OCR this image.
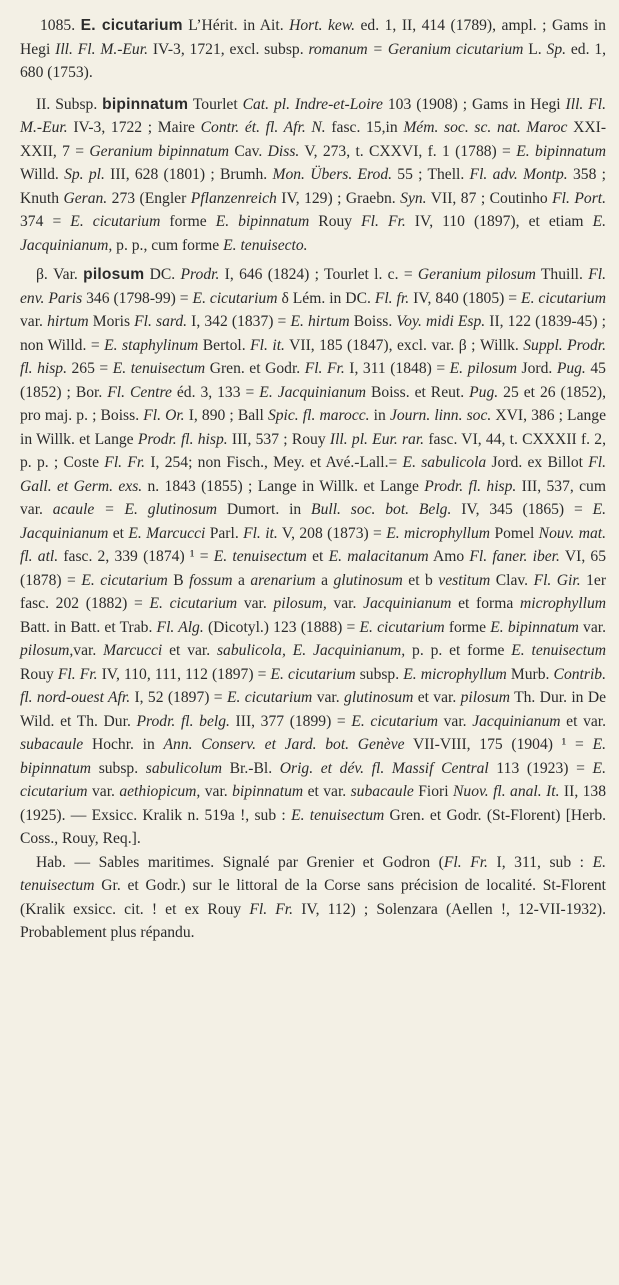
1085. E. cicutarium L’Hérit. in Ait. Hort. kew. ed. 1, II, 414 (1789), ampl. ; Gams in Hegi Ill. Fl. M.-Eur. IV-3, 1721, excl. subsp. romanum = Geranium cicutarium L. Sp. ed. 1, 680 (1753).

II. Subsp. bipinnatum Tourlet Cat. pl. Indre-et-Loire 103 (1908) ; Gams in Hegi Ill. Fl. M.-Eur. IV-3, 1722 ; Maire Contr. ét. fl. Afr. N. fasc. 15,in Mém. soc. sc. nat. Maroc XXI-XXII, 7 = Geranium bipinnatum Cav. Diss. V, 273, t. CXXVI, f. 1 (1788) = E. bipinnatum Willd. Sp. pl. III, 628 (1801) ; Brumh. Mon. Übers. Erod. 55 ; Thell. Fl. adv. Montp. 358 ; Knuth Geran. 273 (Engler Pflanzenreich IV, 129) ; Graebn. Syn. VII, 87 ; Coutinho Fl. Port. 374 = E. cicutarium forme E. bipinnatum Rouy Fl. Fr. IV, 110 (1897), et etiam E. Jacquinianum, p. p., cum forme E. tenuisecto.

β. Var. pilosum DC. Prodr. I, 646 (1824) ; Tourlet l. c. = Geranium pilosum Thuill. Fl. env. Paris 346 (1798-99) = E. cicutarium δ Lém. in DC. Fl. fr. IV, 840 (1805) = E. cicutarium var. hirtum Moris Fl. sard. I, 342 (1837) = E. hirtum Boiss. Voy. midi Esp. II, 122 (1839-45) ; non Willd. = E. staphylinum Bertol. Fl. it. VII, 185 (1847), excl. var. β ; Willk. Suppl. Prodr. fl. hisp. 265 = E. tenuisectum Gren. et Godr. Fl. Fr. I, 311 (1848) = E. pilosum Jord. Pug. 45 (1852) ; Bor. Fl. Centre éd. 3, 133 = E. Jacquinianum Boiss. et Reut. Pug. 25 et 26 (1852), pro maj. p. ; Boiss. Fl. Or. I, 890 ; Ball Spic. fl. marocc. in Journ. linn. soc. XVI, 386 ; Lange in Willk. et Lange Prodr. fl. hisp. III, 537 ; Rouy Ill. pl. Eur. rar. fasc. VI, 44, t. CXXXII f. 2, p. p. ; Coste Fl. Fr. I, 254; non Fisch., Mey. et Avé.-Lall.= E. sabulicola Jord. ex Billot Fl. Gall. et Germ. exs. n. 1843 (1855) ; Lange in Willk. et Lange Prodr. fl. hisp. III, 537, cum var. acaule = E. glutinosum Dumort. in Bull. soc. bot. Belg. IV, 345 (1865) = E. Jacquinianum et E. Marcucci Parl. Fl. it. V, 208 (1873) = E. microphyllum Pomel Nouv. mat. fl. atl. fasc. 2, 339 (1874) ¹ = E. tenuisectum et E. malacitanum Amo Fl. faner. iber. VI, 65 (1878) = E. cicutarium B fossum a arenarium a glutinosum et b vestitum Clav. Fl. Gir. 1er fasc. 202 (1882) = E. cicutarium var. pilosum, var. Jacquinianum et forma microphyllum Batt. in Batt. et Trab. Fl. Alg. (Dicotyl.) 123 (1888) = E. cicutarium forme E. bipinnatum var. pilosum,var. Marcucci et var. sabulicola, E. Jacquinianum, p. p. et forme E. tenuisectum Rouy Fl. Fr. IV, 110, 111, 112 (1897) = E. cicutarium subsp. E. microphyllum Murb. Contrib. fl. nord-ouest Afr. I, 52 (1897) = E. cicutarium var. glutinosum et var. pilosum Th. Dur. in De Wild. et Th. Dur. Prodr. fl. belg. III, 377 (1899) = E. cicutarium var. Jacquinianum et var. subacaule Hochr. in Ann. Conserv. et Jard. bot. Genève VII-VIII, 175 (1904) ¹ = E. bipinnatum subsp. sabulicolum Br.-Bl. Orig. et dév. fl. Massif Central 113 (1923) = E. cicutarium var. aethiopicum, var. bipinnatum et var. subacaule Fiori Nuov. fl. anal. It. II, 138 (1925). — Exsicc. Kralik n. 519a !, sub : E. tenuisectum Gren. et Godr. (St-Florent) [Herb. Coss., Rouy, Req.].

Hab. — Sables maritimes. Signalé par Grenier et Godron (Fl. Fr. I, 311, sub : E. tenuisectum Gr. et Godr.) sur le littoral de la Corse sans précision de localité. St-Florent (Kralik exsicc. cit. ! et ex Rouy Fl. Fr. IV, 112) ; Solenzara (Aellen !, 12-VII-1932). Probablement plus répandu.
